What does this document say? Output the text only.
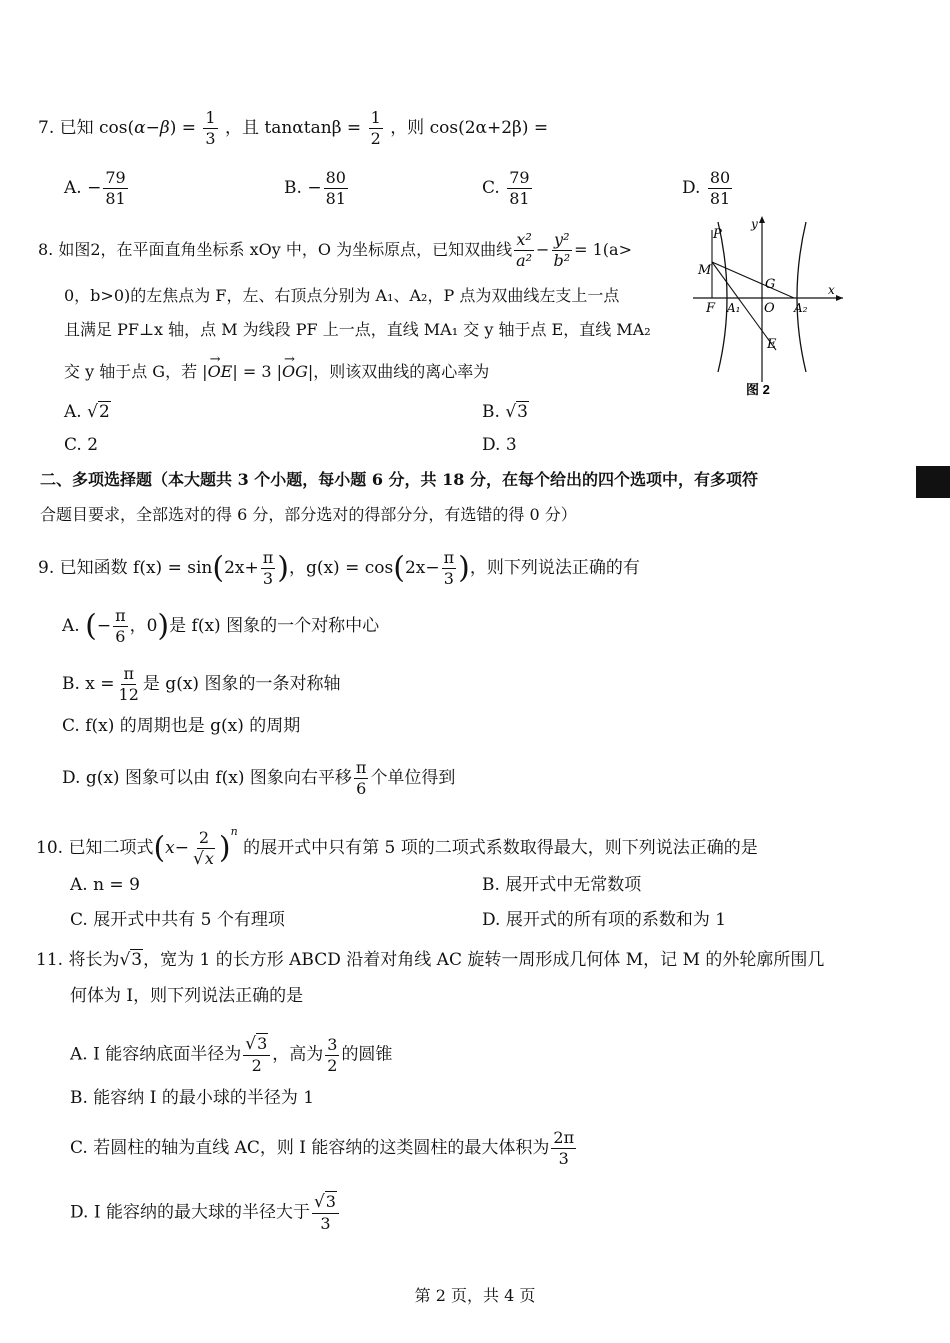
7. 已知 $\cos(\alpha-\beta) = \frac{1}{3}$ ，且 $\tan\alpha\tan\beta = \frac{1}{2}$ ，则 cos(2α+2β) =
A. − $\frac{79}{81}$	B. − $\frac{80}{81}$	C. $\frac{79}{81}$	D. $\frac{80}{81}$
8. 如图2，在平面直角坐标系 xOy 中，O 为坐标原点，已知双曲线 $\frac{\text{x²}}{\text{a²}} - \frac{\text{y²}}{\text{b²}} = 1(a>$
0，b>0)的左焦点为 F，左、右顶点分别为 A₁、A₂，P 点为双曲线左支上一点
且满足 PF⊥x 轴，点 M 为线段 PF 上一点，直线 MA₁ 交 y 轴于点 E，直线 MA₂
交 y 轴于点 G，若 |→ OE| = 3 |→ OG|，则该双曲线的离心率为
A. √2	B. √3
C. 2	D. 3
P
M
F A₁ O A₂
G
E
x
y
图 2
二、多项选择题（本大题共 3 个小题，每小题 6 分，共 18 分，在每个给出的四个选项中，有多项符
合题目要求，全部选对的得 6 分，部分选对的得部分分，有选错的得 0 分）
9. 已知函数 $f(x) = \sin(2x+ \frac{\pi}{3}$ )，$g(x) = \cos(2x- \frac{\pi}{3}$ )，则下列说法正确的有
A. (− $\frac{\pi}{6}$ ，0)是 f(x) 图象的一个对称中心
B. $x = \frac{\pi}{12}$ 是 g(x) 图象的一条对称轴
C. f(x) 的周期也是 g(x) 的周期
D. g(x) 图象可以由 f(x) 图象向右平移 $\frac{\pi}{6}$ 个单位得到
10. 已知二项式$(x- \frac{2}{√x} )^n$ 的展开式中只有第 5 项的二项式系数取得最大，则下列说法正确的是
A. n = 9	B. 展开式中无常数项
C. 展开式中共有 5 个有理项	D. 展开式的所有项的系数和为 1
11. 将长为√3，宽为 1 的长方形 ABCD 沿着对角线 AC 旋转一周形成几何体 M，记 M 的外轮廓所围几
何体为 I，则下列说法正确的是
A. I 能容纳底面半径为 $\frac{√3}{2}$ ，高为 $\frac{3}{2}$ 的圆锥
B. 能容纳 I 的最小球的半径为 1
C. 若圆柱的轴为直线 AC，则 I 能容纳的这类圆柱的最大体积为 $\frac{2\pi}{3}$
D. I 能容纳的最大球的半径大于 $\frac{√3}{3}$
第 2 页，共 4 页
